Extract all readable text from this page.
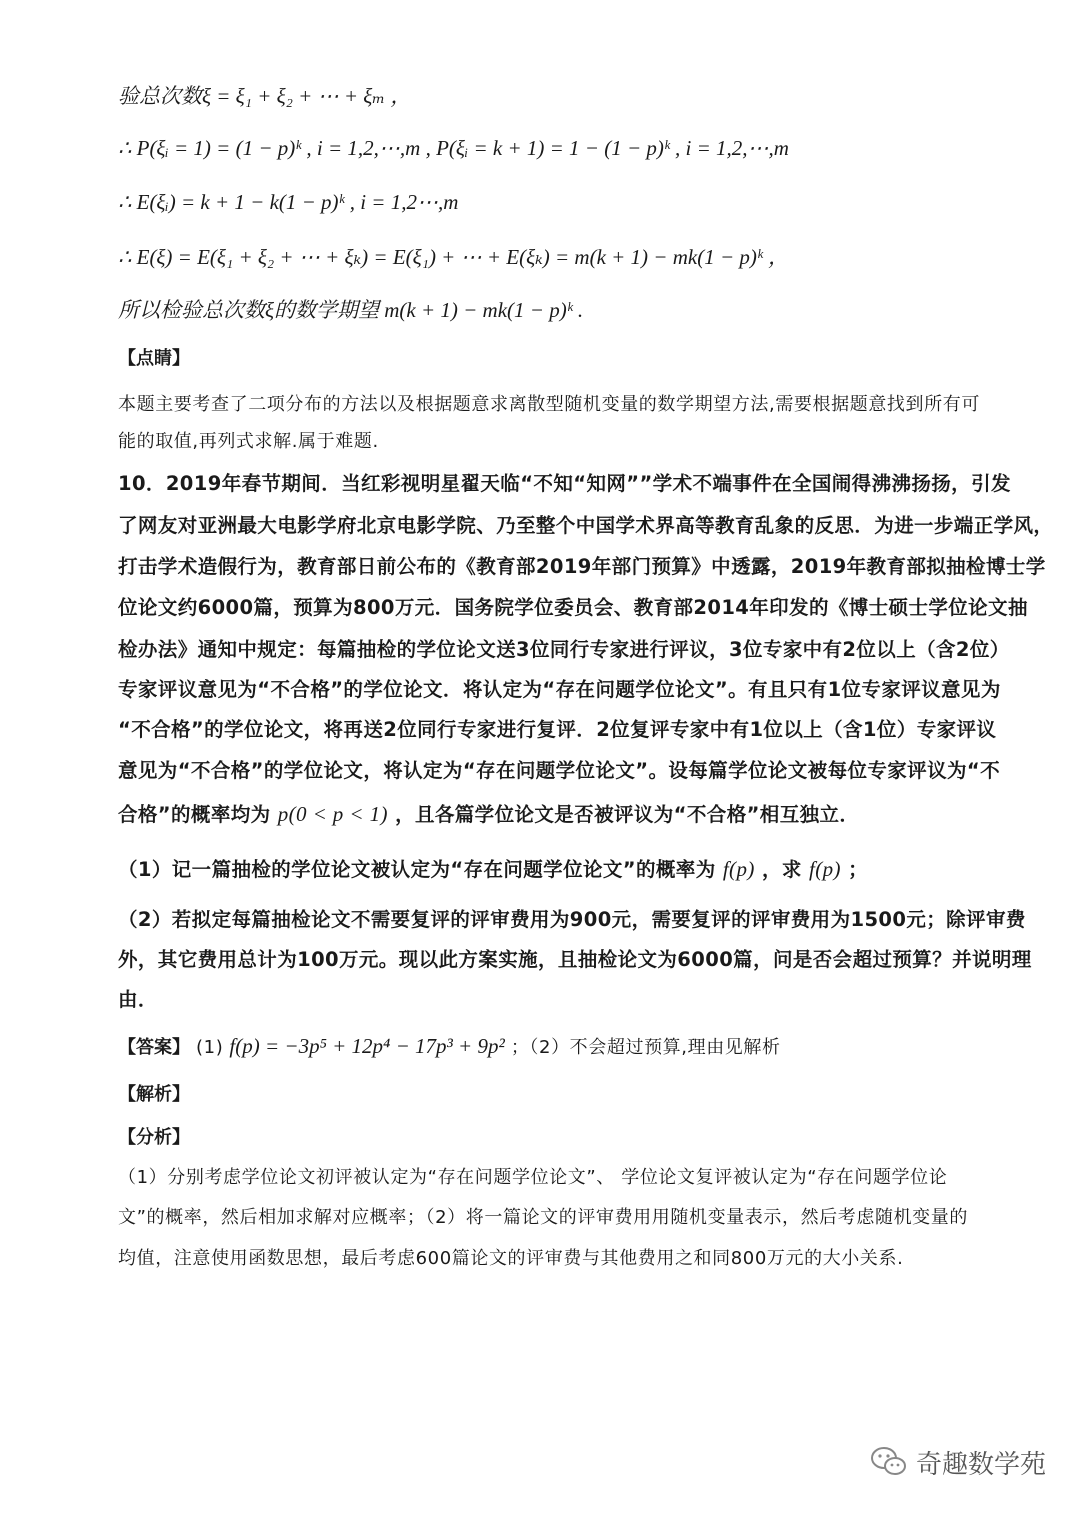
验总次数ξ = ξ₁ + ξ₂ + ⋯ + ξₘ ，
∴ P(ξᵢ = 1) = (1 − p)ᵏ , i = 1,2,⋯,m , P(ξᵢ = k + 1) = 1 − (1 − p)ᵏ , i = 1,2,⋯,m
∴ E(ξᵢ) = k + 1 − k(1 − p)ᵏ , i = 1,2⋯,m
∴ E(ξ) = E(ξ₁ + ξ₂ + ⋯ + ξₖ) = E(ξ₁) + ⋯ + E(ξₖ) = m(k + 1) − mk(1 − p)ᵏ ，
所以检验总次数ξ的数学期望 m(k + 1) − mk(1 − p)ᵏ .
【点睛】
本题主要考查了二项分布的方法以及根据题意求离散型随机变量的数学期望方法,需要根据题意找到所有可
能的取值,再列式求解.属于难题.
10．2019年春节期间．当红彩视明星翟天临“不知“知网””学术不端事件在全国闹得沸沸扬扬，引发
了网友对亚洲最大电影学府北京电影学院、乃至整个中国学术界高等教育乱象的反思．为进一步端正学风，
打击学术造假行为，教育部日前公布的《教育部2019年部门预算》中透露，2019年教育部拟抽检博士学
位论文约6000篇，预算为800万元．国务院学位委员会、教育部2014年印发的《博士硕士学位论文抽
检办法》通知中规定：每篇抽检的学位论文送3位同行专家进行评议，3位专家中有2位以上（含2位）
专家评议意见为“不合格”的学位论文．将认定为“存在问题学位论文”。有且只有1位专家评议意见为
“不合格”的学位论文，将再送2位同行专家进行复评．2位复评专家中有1位以上（含1位）专家评议
意见为“不合格”的学位论文，将认定为“存在问题学位论文”。设每篇学位论文被每位专家评议为“不
合格”的概率均为 p(0 < p < 1) ，且各篇学位论文是否被评议为“不合格”相互独立．
（1）记一篇抽检的学位论文被认定为“存在问题学位论文”的概率为 f(p) ，求 f(p) ；
（2）若拟定每篇抽检论文不需要复评的评审费用为900元，需要复评的评审费用为1500元；除评审费
外，其它费用总计为100万元。现以此方案实施，且抽检论文为6000篇，问是否会超过预算？并说明理
由．
【答案】 (1) f(p) = −3p⁵ + 12p⁴ − 17p³ + 9p² ；（2）不会超过预算,理由见解析
【解析】
【分析】
（1）分别考虑学位论文初评被认定为“存在问题学位论文”、 学位论文复评被认定为“存在问题学位论
文”的概率，然后相加求解对应概率；（2）将一篇论文的评审费用用随机变量表示，然后考虑随机变量的
均值，注意使用函数思想，最后考虑600篇论文的评审费与其他费用之和同800万元的大小关系.
奇趣数学苑
